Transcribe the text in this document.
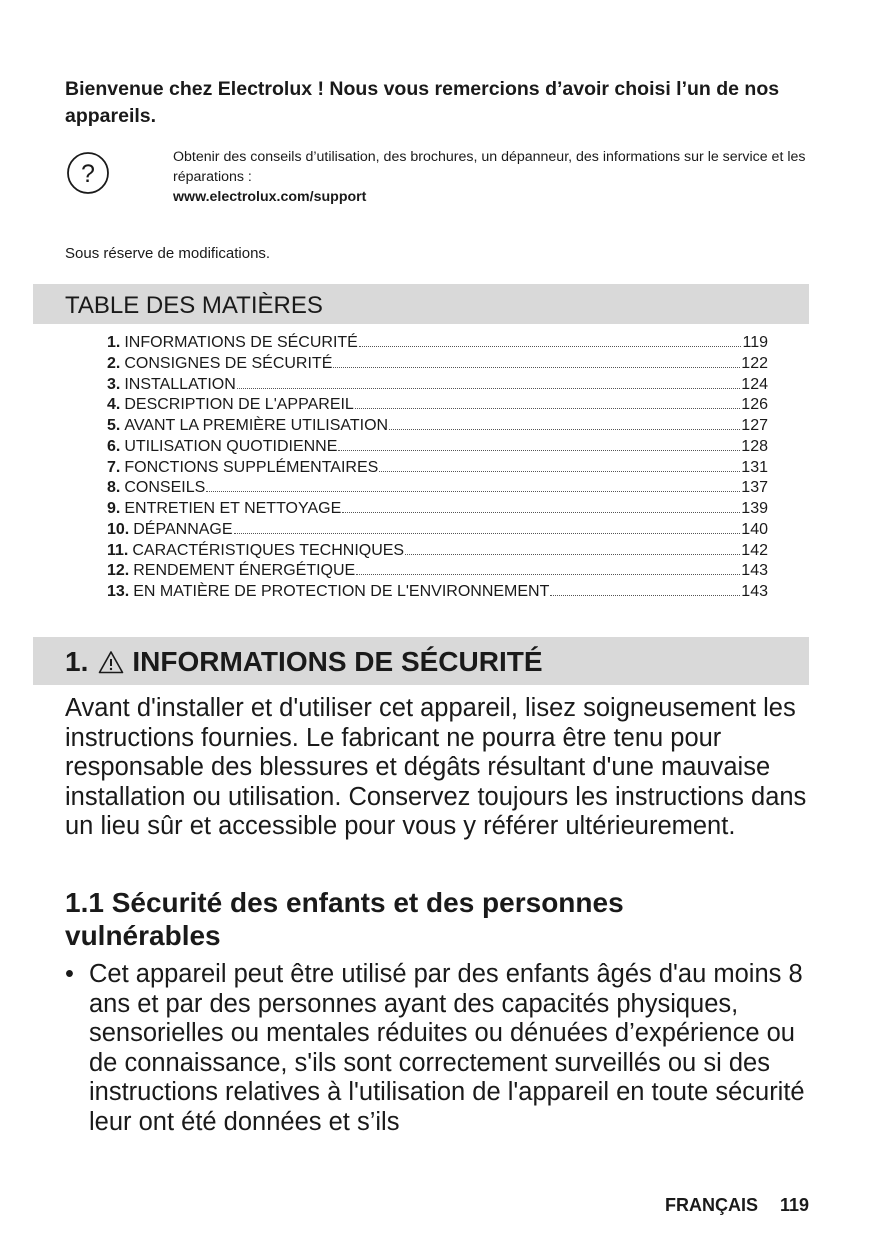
Bienvenue chez Electrolux ! Nous vous remercions d’avoir choisi l’un de nos appareils.

?
Obtenir des conseils d’utilisation, des brochures, un dépanneur, des informations sur le service et les réparations :
www.electrolux.com/support
Sous réserve de modifications.
TABLE DES MATIÈRES
1. INFORMATIONS DE SÉCURITÉ	119
2. CONSIGNES DE SÉCURITÉ	122
3. INSTALLATION	124
4. DESCRIPTION DE L'APPAREIL	126
5. AVANT LA PREMIÈRE UTILISATION	127
6. UTILISATION QUOTIDIENNE	128
7. FONCTIONS SUPPLÉMENTAIRES	131
8. CONSEILS	137
9. ENTRETIEN ET NETTOYAGE	139
10. DÉPANNAGE	140
11. CARACTÉRISTIQUES TECHNIQUES	142
12. RENDEMENT ÉNERGÉTIQUE	143
13. EN MATIÈRE DE PROTECTION DE L'ENVIRONNEMENT	143
1. INFORMATIONS DE SÉCURITÉ

Avant d'installer et d'utiliser cet appareil, lisez soigneusement les instructions fournies. Le fabricant ne pourra être tenu pour responsable des blessures et dégâts résultant d'une mauvaise installation ou utilisation. Conservez toujours les instructions dans un lieu sûr et accessible pour vous y référer ultérieurement.

1.1 Sécurité des enfants et des personnes vulnérables
• Cet appareil peut être utilisé par des enfants âgés d'au moins 8 ans et par des personnes ayant des capacités physiques, sensorielles ou mentales réduites ou dénuées d’expérience ou de connaissance, s'ils sont correctement surveillés ou si des instructions relatives à l'utilisation de l'appareil en toute sécurité leur ont été données et s’ils
FRANÇAIS 119
